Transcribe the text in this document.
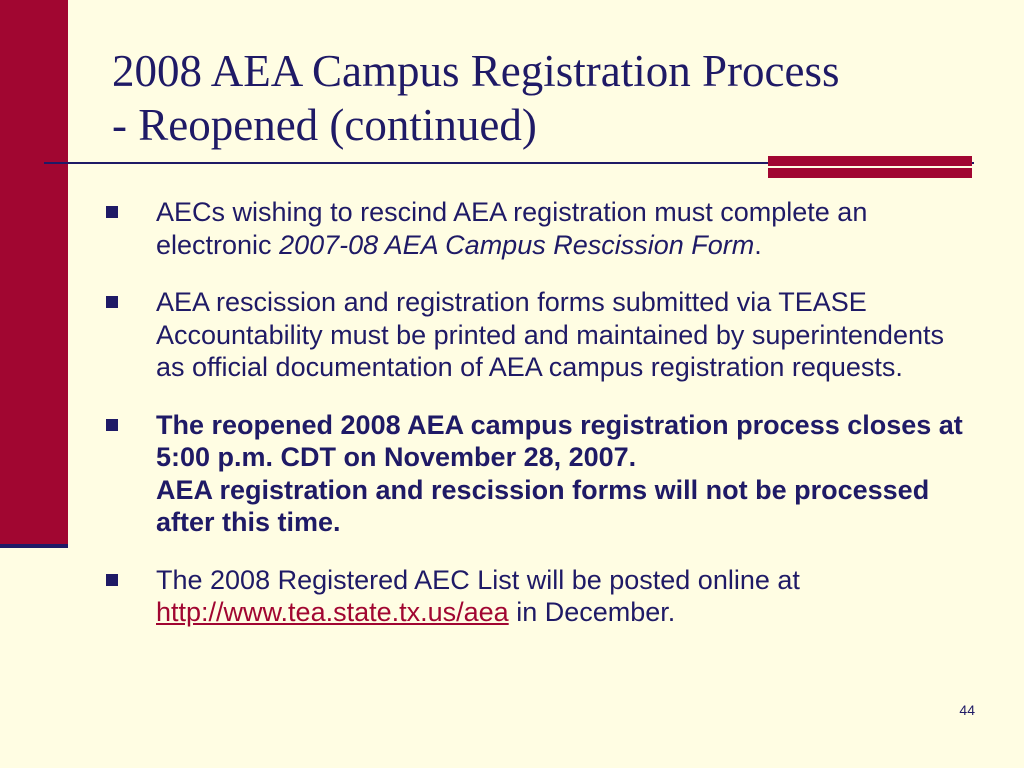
2008 AEA Campus Registration Process
- Reopened (continued)
AECs wishing to rescind AEA registration must complete an electronic 2007-08 AEA Campus Rescission Form.
AEA rescission and registration forms submitted via TEASE Accountability must be printed and maintained by superintendents as official documentation of AEA campus registration requests.
The reopened 2008 AEA campus registration process closes at 5:00 p.m. CDT on November 28, 2007.
AEA registration and rescission forms will not be processed after this time.
The 2008 Registered AEC List will be posted online at http://www.tea.state.tx.us/aea in December.
44
